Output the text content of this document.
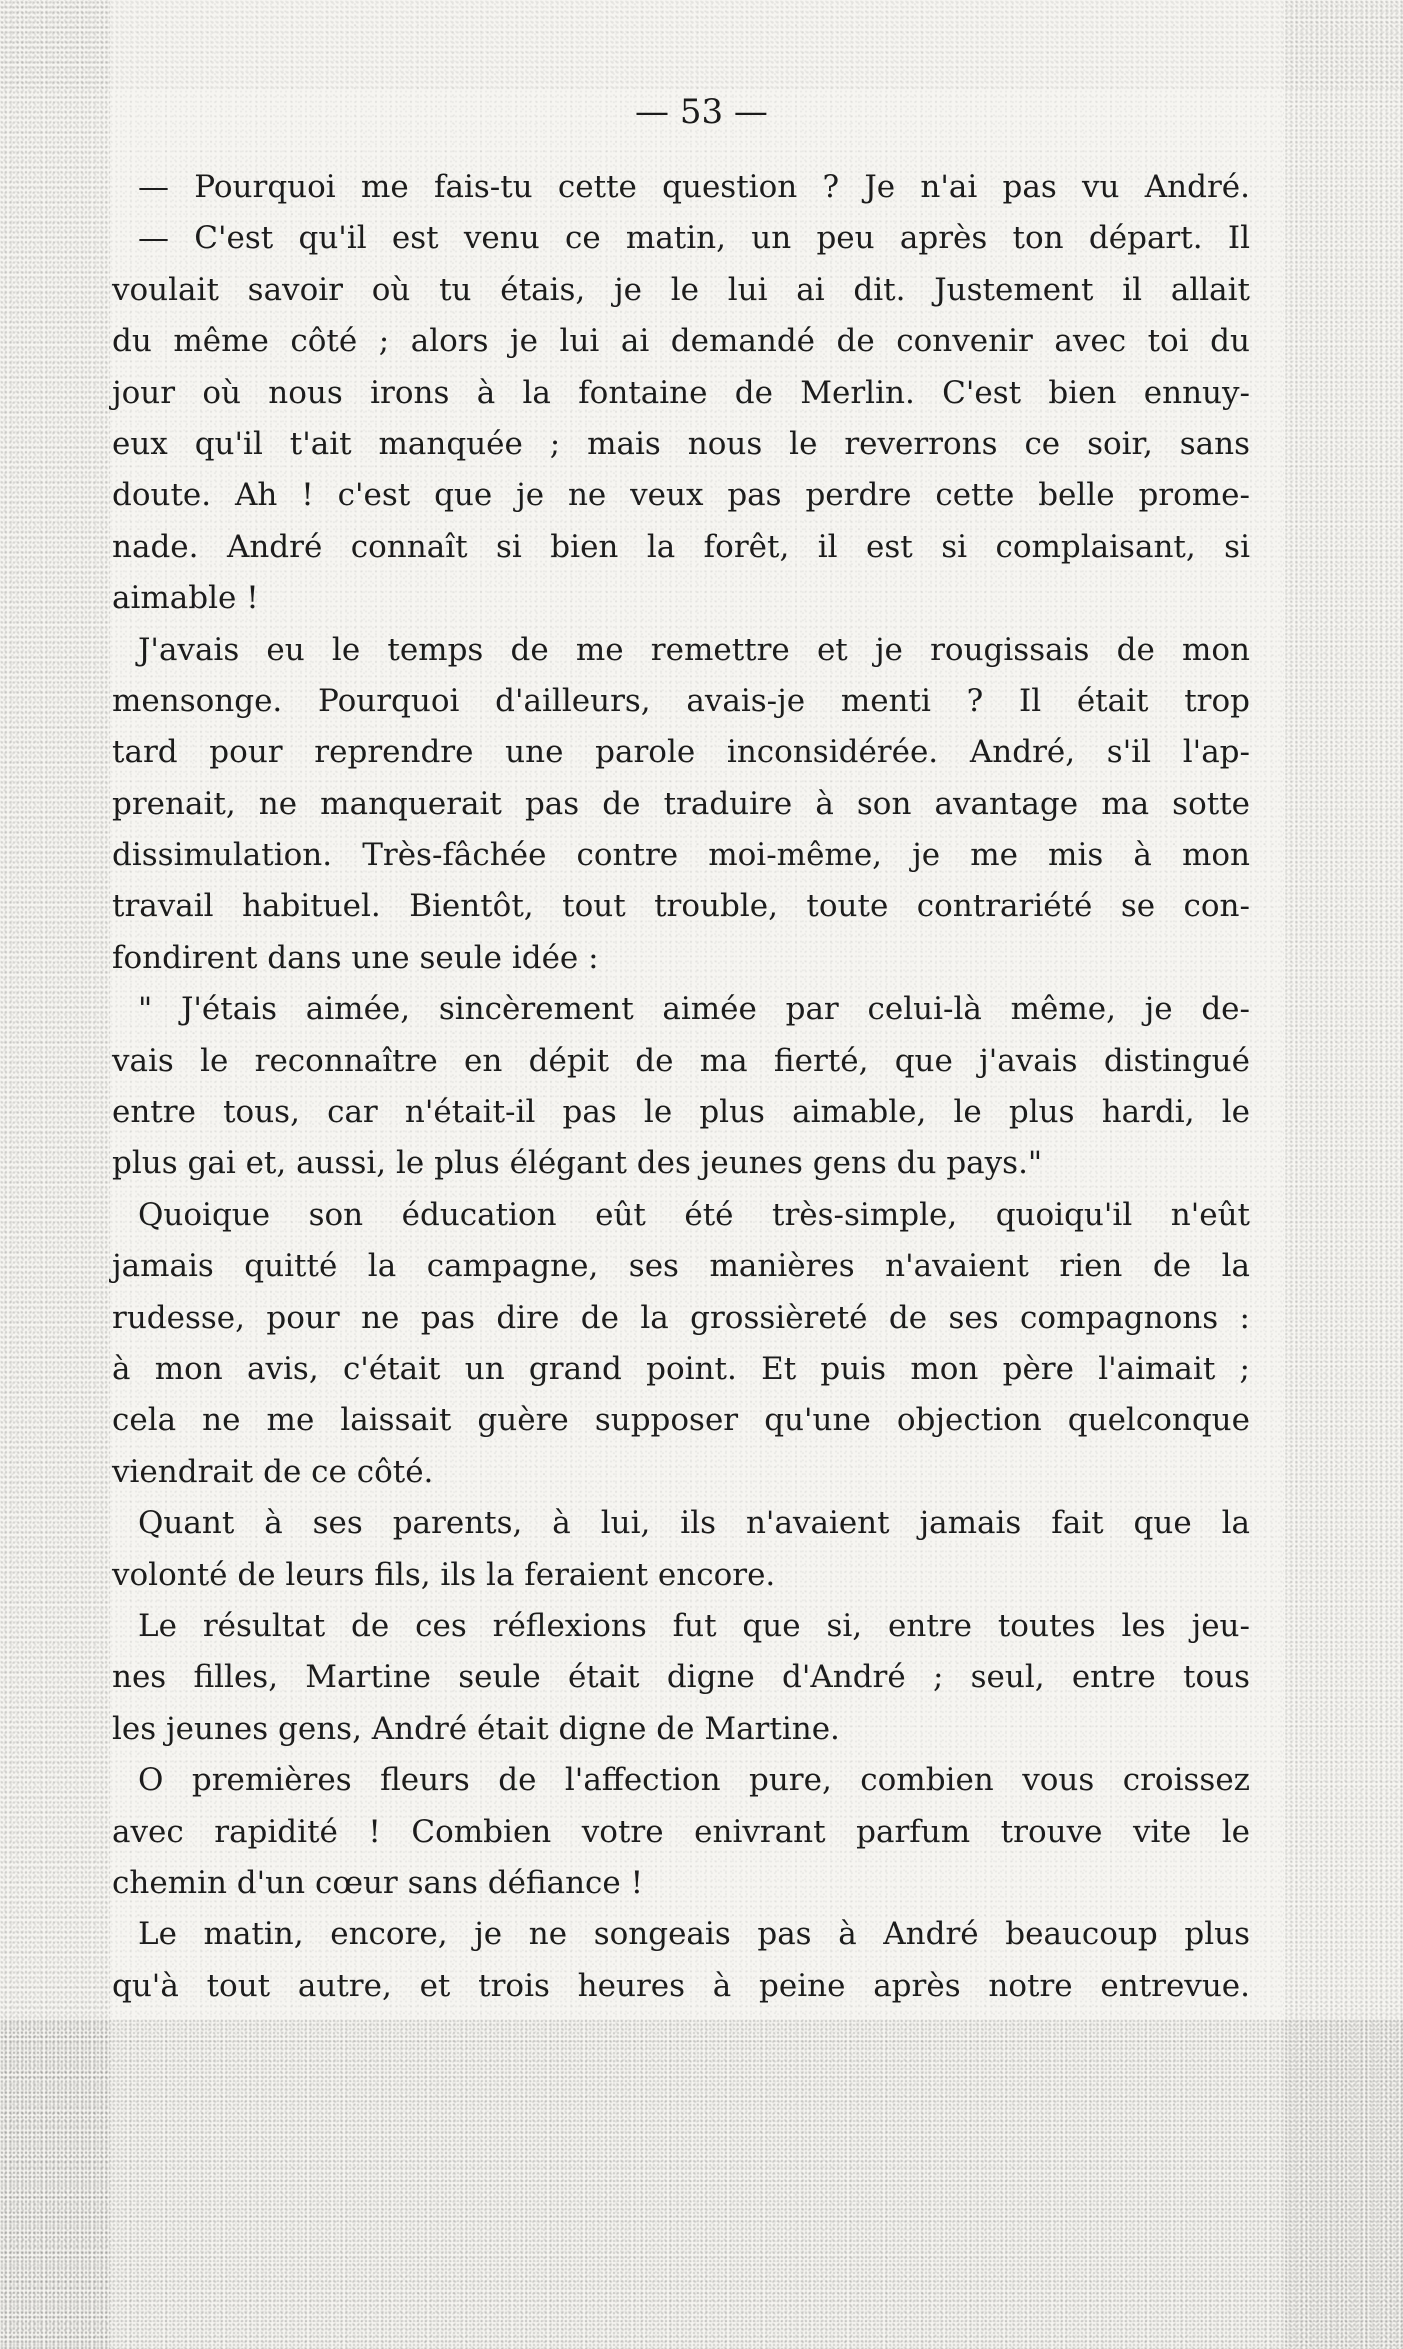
— 53 —
— Pourquoi me fais-tu cette question ? Je n'ai pas vu André.
— C'est qu'il est venu ce matin, un peu après ton départ. Il
voulait savoir où tu étais, je le lui ai dit. Justement il allait
du même côté ; alors je lui ai demandé de convenir avec toi du
jour où nous irons à la fontaine de Merlin. C'est bien ennuy-
eux qu'il t'ait manquée ; mais nous le reverrons ce soir, sans
doute. Ah ! c'est que je ne veux pas perdre cette belle prome-
nade. André connaît si bien la forêt, il est si complaisant, si
aimable !
J'avais eu le temps de me remettre et je rougissais de mon
mensonge. Pourquoi d'ailleurs, avais-je menti ? Il était trop
tard pour reprendre une parole inconsidérée. André, s'il l'ap-
prenait, ne manquerait pas de traduire à son avantage ma sotte
dissimulation. Très-fâchée contre moi-même, je me mis à mon
travail habituel. Bientôt, tout trouble, toute contrariété se con-
fondirent dans une seule idée :
" J'étais aimée, sincèrement aimée par celui-là même, je de-
vais le reconnaître en dépit de ma fierté, que j'avais distingué
entre tous, car n'était-il pas le plus aimable, le plus hardi, le
plus gai et, aussi, le plus élégant des jeunes gens du pays."
Quoique son éducation eût été très-simple, quoiqu'il n'eût
jamais quitté la campagne, ses manières n'avaient rien de la
rudesse, pour ne pas dire de la grossièreté de ses compagnons :
à mon avis, c'était un grand point. Et puis mon père l'aimait ;
cela ne me laissait guère supposer qu'une objection quelconque
viendrait de ce côté.
Quant à ses parents, à lui, ils n'avaient jamais fait que la
volonté de leurs fils, ils la feraient encore.
Le résultat de ces réflexions fut que si, entre toutes les jeu-
nes filles, Martine seule était digne d'André ; seul, entre tous
les jeunes gens, André était digne de Martine.
O premières fleurs de l'affection pure, combien vous croissez
avec rapidité ! Combien votre enivrant parfum trouve vite le
chemin d'un cœur sans défiance !
Le matin, encore, je ne songeais pas à André beaucoup plus
qu'à tout autre, et trois heures à peine après notre entrevue.
